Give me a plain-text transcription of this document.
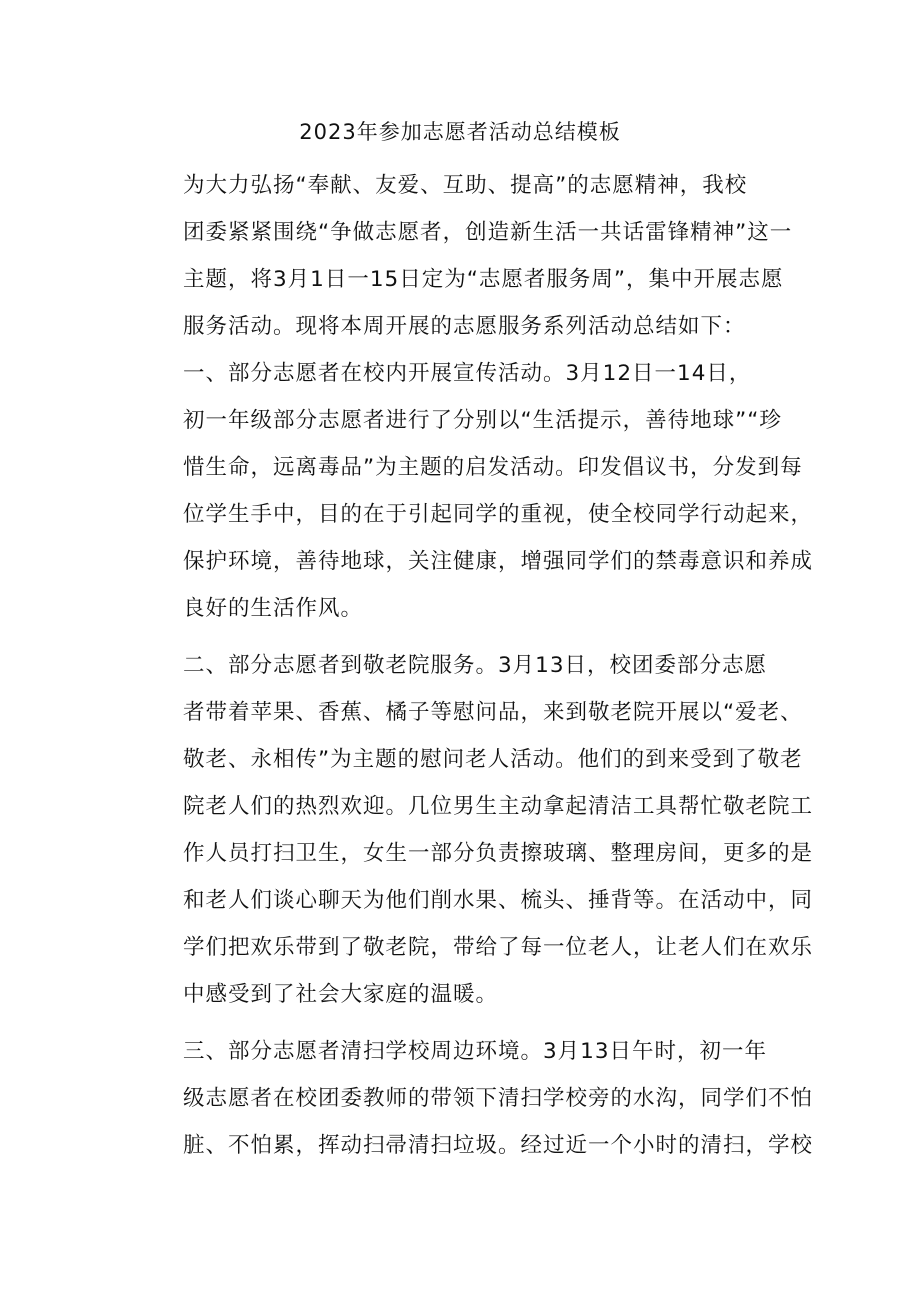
2023年参加志愿者活动总结模板

为大力弘扬“奉献、友爱、互助、提高”的志愿精神，我校
团委紧紧围绕“争做志愿者，创造新生活一共话雷锋精神”这一
主题，将3月1日一15日定为“志愿者服务周”，集中开展志愿
服务活动。现将本周开展的志愿服务系列活动总结如下：

一、部分志愿者在校内开展宣传活动。3月12日一14日，
初一年级部分志愿者进行了分别以“生活提示，善待地球”“珍
惜生命，远离毒品”为主题的启发活动。印发倡议书，分发到每
位学生手中，目的在于引起同学的重视，使全校同学行动起来，
保护环境，善待地球，关注健康，增强同学们的禁毒意识和养成
良好的生活作风。

二、部分志愿者到敬老院服务。3月13日，校团委部分志愿
者带着苹果、香蕉、橘子等慰问品，来到敬老院开展以“爱老、
敬老、永相传”为主题的慰问老人活动。他们的到来受到了敬老
院老人们的热烈欢迎。几位男生主动拿起清洁工具帮忙敬老院工
作人员打扫卫生，女生一部分负责擦玻璃、整理房间，更多的是
和老人们谈心聊天为他们削水果、梳头、捶背等。在活动中，同
学们把欢乐带到了敬老院，带给了每一位老人，让老人们在欢乐
中感受到了社会大家庭的温暖。

三、部分志愿者清扫学校周边环境。3月13日午时，初一年
级志愿者在校团委教师的带领下清扫学校旁的水沟，同学们不怕
脏、不怕累，挥动扫帚清扫垃圾。经过近一个小时的清扫，学校
